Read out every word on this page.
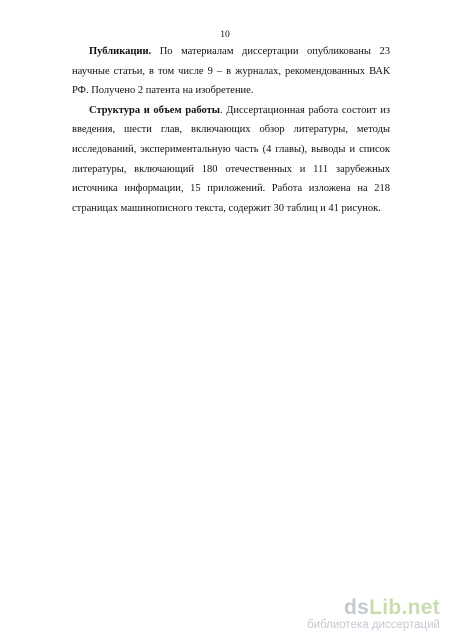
10

Публикации. По материалам диссертации опубликованы 23 научные статьи, в том числе 9 – в журналах, рекомендованных ВАК РФ. Получено 2 патента на изобретение.

Структура и объем работы. Диссертационная работа состоит из введения, шести глав, включающих обзор литературы, методы исследований, экспериментальную часть (4 главы), выводы и список литературы, включающий 180 отечественных и 111 зарубежных источника информации, 15 приложений. Работа изложена на 218 страницах машинописного текста, содержит 30 таблиц и 41 рисунок.

dsLib.net
библиотека диссертаций
